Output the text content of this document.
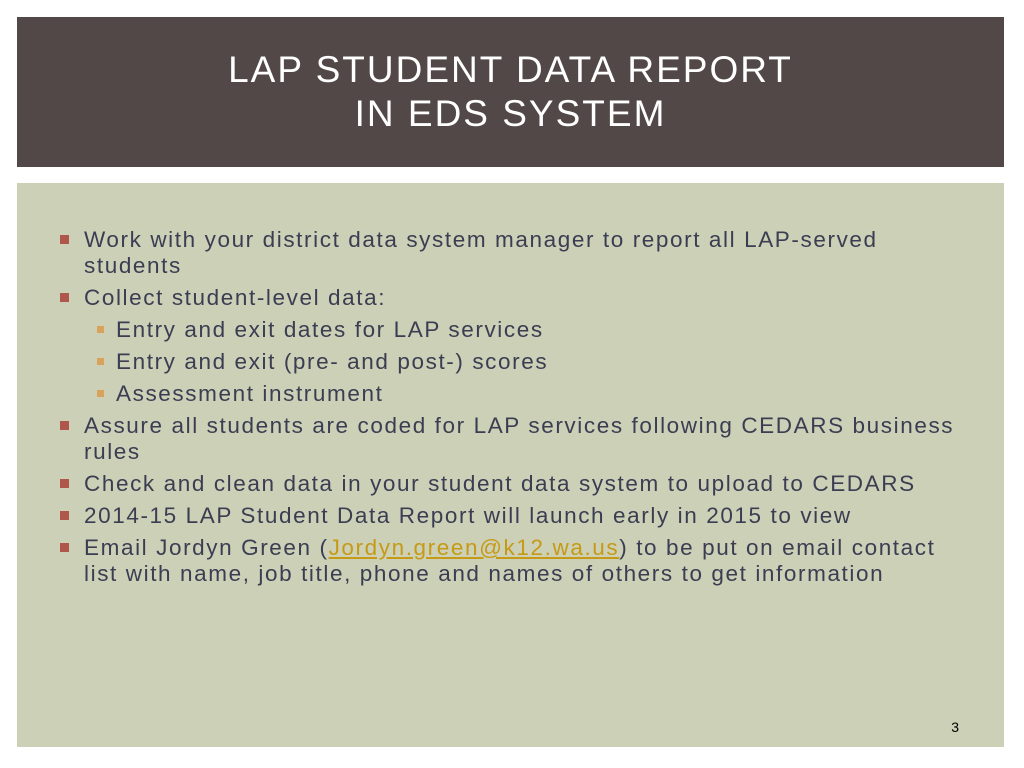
LAP STUDENT DATA REPORT
IN EDS SYSTEM
Work with your district data system manager to report all LAP-served students
Collect student-level data:
Entry and exit dates for LAP services
Entry and exit (pre- and post-) scores
Assessment instrument
Assure all students are coded for LAP services following CEDARS business rules
Check and clean data in your student data system to upload to CEDARS
2014-15 LAP Student Data Report will launch early in 2015 to view
Email Jordyn Green (Jordyn.green@k12.wa.us) to be put on email contact list with name, job title, phone and names of others to get information
3
